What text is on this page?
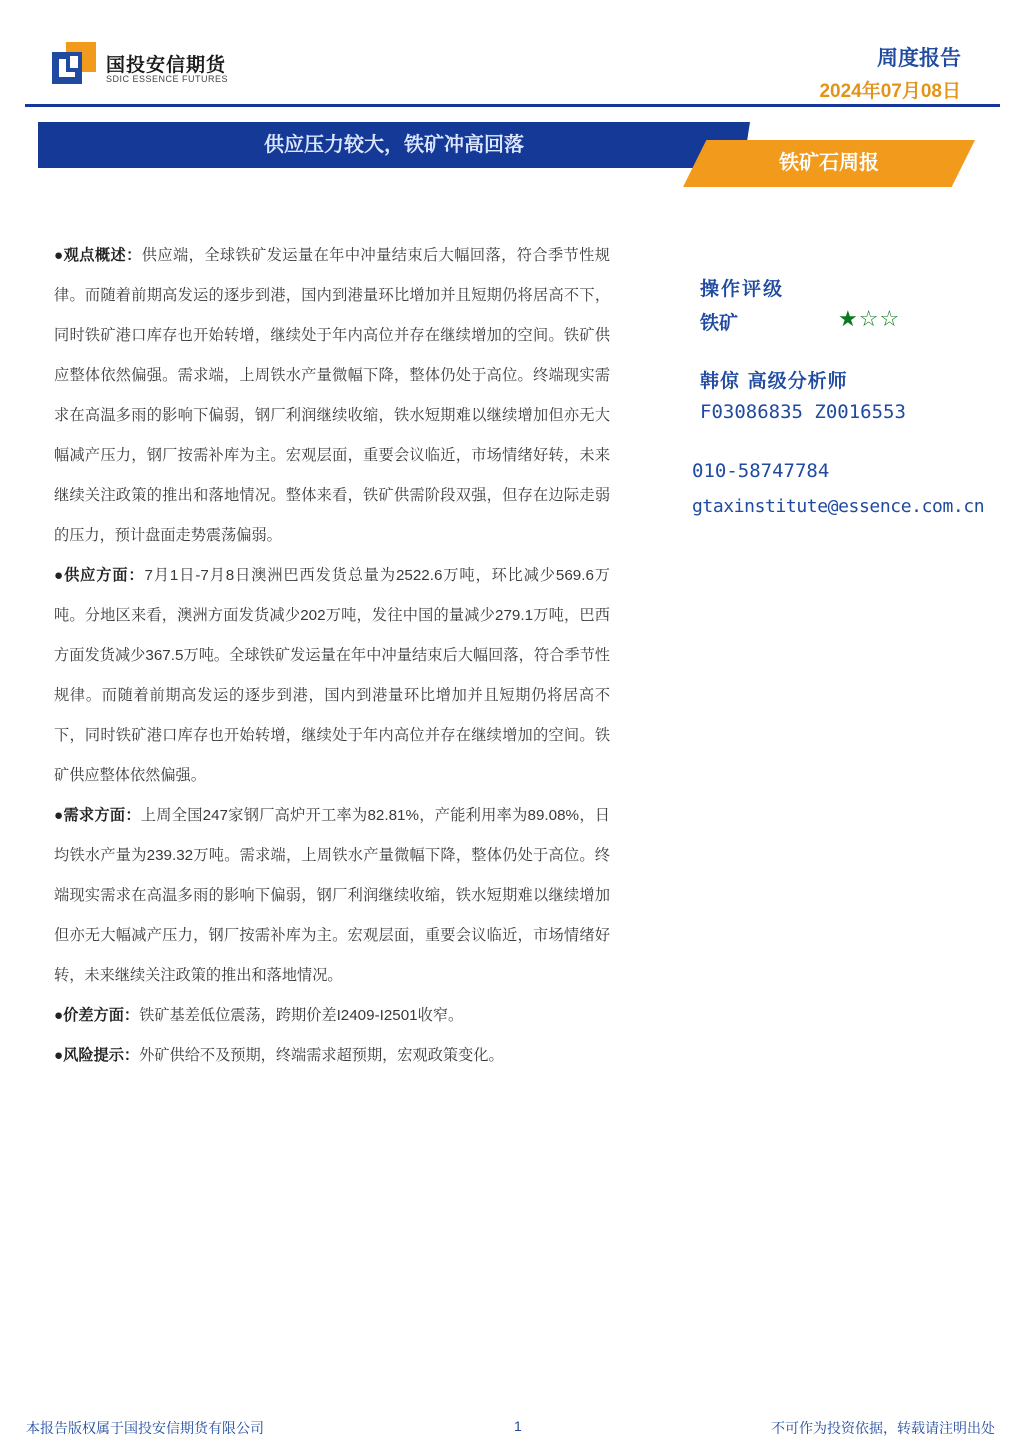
国投安信期货
SDIC ESSENCE FUTURES
周度报告
2024年07月08日
供应压力较大，铁矿冲高回落
铁矿石周报

●观点概述：供应端，全球铁矿发运量在年中冲量结束后大幅回落，符合季节性规律。而随着前期高发运的逐步到港，国内到港量环比增加并且短期仍将居高不下，同时铁矿港口库存也开始转增，继续处于年内高位并存在继续增加的空间。铁矿供应整体依然偏强。需求端，上周铁水产量微幅下降，整体仍处于高位。终端现实需求在高温多雨的影响下偏弱，钢厂利润继续收缩，铁水短期难以继续增加但亦无大幅减产压力，钢厂按需补库为主。宏观层面，重要会议临近，市场情绪好转，未来继续关注政策的推出和落地情况。整体来看，铁矿供需阶段双强，但存在边际走弱的压力，预计盘面走势震荡偏弱。

●供应方面：7月1日-7月8日澳洲巴西发货总量为2522.6万吨，环比减少569.6万吨。分地区来看，澳洲方面发货减少202万吨，发往中国的量减少279.1万吨，巴西方面发货减少367.5万吨。全球铁矿发运量在年中冲量结束后大幅回落，符合季节性规律。而随着前期高发运的逐步到港，国内到港量环比增加并且短期仍将居高不下，同时铁矿港口库存也开始转增，继续处于年内高位并存在继续增加的空间。铁矿供应整体依然偏强。

●需求方面：上周全国247家钢厂高炉开工率为82.81%，产能利用率为89.08%，日均铁水产量为239.32万吨。需求端，上周铁水产量微幅下降，整体仍处于高位。终端现实需求在高温多雨的影响下偏弱，钢厂利润继续收缩，铁水短期难以继续增加但亦无大幅减产压力，钢厂按需补库为主。宏观层面，重要会议临近，市场情绪好转，未来继续关注政策的推出和落地情况。

●价差方面：铁矿基差低位震荡，跨期价差I2409-I2501收窄。

●风险提示：外矿供给不及预期，终端需求超预期，宏观政策变化。

操作评级
铁矿	★☆☆
韩倞 高级分析师
F03086835 Z0016553
010-58747784
gtaxinstitute@essence.com.cn
本报告版权属于国投安信期货有限公司	1	不可作为投资依据，转载请注明出处
